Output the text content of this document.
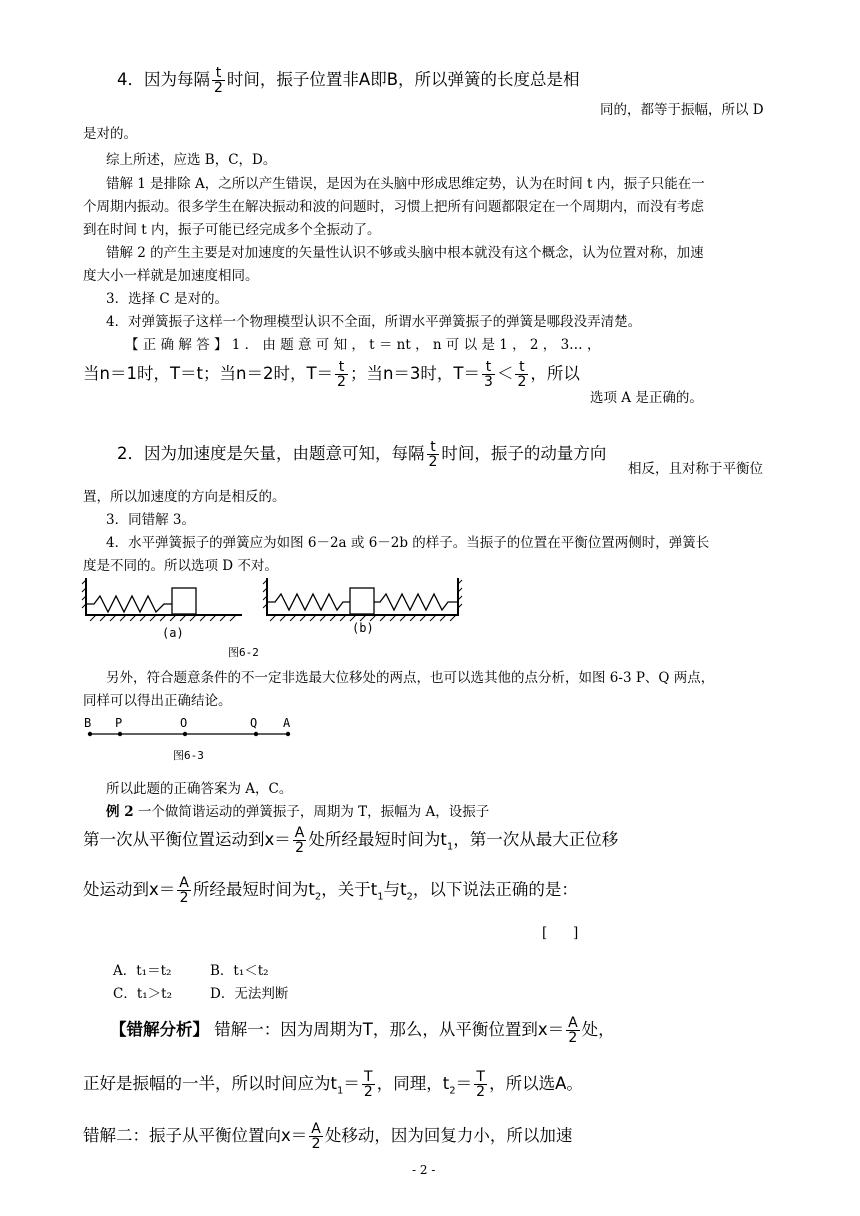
4．因为每隔 $\frac{t}{2}$ 时间，振子位置非A即B，所以弹簧的长度总是相
同的，都等于振幅，所以 D
是对的。
综上所述，应选 B，C，D。
错解 1 是排除 A，之所以产生错误，是因为在头脑中形成思维定势，认为在时间 t 内，振子只能在一
个周期内振动。很多学生在解决振动和波的问题时，习惯上把所有问题都限定在一个周期内，而没有考虑
到在时间 t 内，振子可能已经完成多个全振动了。
错解 2 的产生主要是对加速度的矢量性认识不够或头脑中根本就没有这个概念，认为位置对称，加速
度大小一样就是加速度相同。
3．选择 C 是对的。
4．对弹簧振子这样一个物理模型认识不全面，所谓水平弹簧振子的弹簧是哪段没弄清楚。
【 正 确 解 答 】 1 ． 由 题 意 可 知 ， t ＝ nt ， n 可 以 是 1 ， 2 ， 3… ，
当n＝1时，T＝t；当n＝2时，$T= \frac{t}{2}$ ；当n＝3时，$T= \frac{t}{3} < \frac{t}{2}$ ，所以
选项 A 是正确的。
2．因为加速度是矢量，由题意可知，每隔 $\frac{t}{2}$ 时间，振子的动量方向
相反，且对称于平衡位
置，所以加速度的方向是相反的。
3．同错解 3。
4．水平弹簧振子的弹簧应为如图 6－2a 或 6－2b 的样子。当振子的位置在平衡位置两侧时，弹簧长
度是不同的。所以选项 D 不对。
(a)	(b)
图6-2
另外，符合题意条件的不一定非选最大位移处的两点，也可以选其他的点分析，如图 6-3 P、Q 两点，
同样可以得出正确结论。
B P	O	Q A
图6-3
所以此题的正确答案为 A，C。
例 2 一个做简谐运动的弹簧振子，周期为 T，振幅为 A，设振子
第一次从平衡位置运动到$x= \frac{A}{2}$ 处所经最短时间为$t_1$，第一次从最大正位移
处运动到$x= \frac{A}{2}$ 所经最短时间为$t_2$，关于$t_1$与$t_2$，以下说法正确的是：
[      ]
A．t₁＝t₂	B．t₁＜t₂
C．t₁＞t₂	D．无法判断
【错解分析】 错解一：因为周期为T，那么，从平衡位置到$x= \frac{A}{2}$ 处，
正好是振幅的一半，所以时间应为$t_1= \frac{T}{2}$ ，同理，$t_2= \frac{T}{2}$ ，所以选A。
错解二：振子从平衡位置向$x= \frac{A}{2}$ 处移动，因为回复力小，所以加速
- 2 -
